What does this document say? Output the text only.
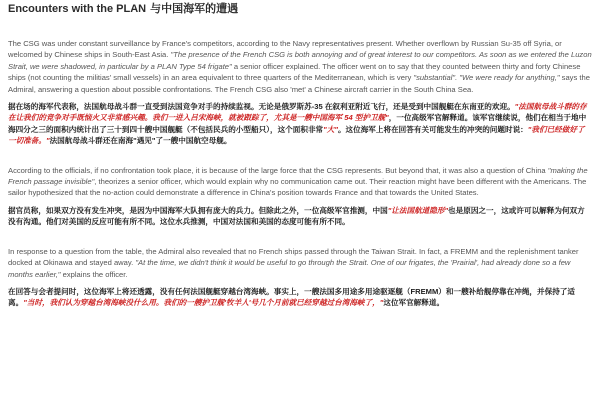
Encounters with the PLAN 与中国海军的遭遇

The CSG was under constant surveillance by France's competitors, according to the Navy representatives present. Whether overflown by Russian Su-35 off Syria, or welcomed by Chinese ships in South-East Asia. "The presence of the French CSG is both annoying and of great interest to our competitors. As soon as we entered the Luzon Strait, we were shadowed, in particular by a PLAN Type 54 frigate" a senior officer explained. The officer went on to say that they counted between thirty and forty Chinese ships (not counting the militias' small vessels) in an area equivalent to three quarters of the Mediterranean, which is very "substantial". "We were ready for anything," says the Admiral, answering a question about possible confrontations. The French CSG also 'met' a Chinese aircraft carrier in the South China Sea.

据在场的海军代表称，法国航母战斗群一直受到法国竞争对手的持续监视。无论是俄罗斯苏-35 在叙利亚附近飞行，还是受到中国舰艇在东南亚的欢迎。"法国航母战斗群的存在让我们的竞争对手既恼火又非常感兴趣。我们一进入吕宋海峡，就被跟踪了，尤其是一艘中国海军 54 型护卫舰"，一位高级军官解释道。该军官继续说，他们在相当于地中海四分之三的面积内统计出了三十到四十艘中国舰艇（不包括民兵的小型船只），这个面积非常"大"。这位海军上将在回答有关可能发生的冲突的问题时说："我们已经做好了一切准备。"法国航母战斗群还在南海"遇见"了一艘中国航空母舰。

According to the officials, if no confrontation took place, it is because of the large force that the CSG represents. But beyond that, it was also a question of China "making the French passage invisible", theorizes a senior officer, which would explain why no communication came out. Their reaction might have been different with the Americans. The sailor hypothesized that the no-action could demonstrate a difference in China's position towards France and that towards the United States.

据官员称，如果双方没有发生冲突，是因为中国海军大队拥有庞大的兵力。但除此之外，一位高级军官推测，中国"让法国航道隐形"也是原因之一，这或许可以解释为何双方没有沟通。他们对美国的反应可能有所不同。这位水兵推测，中国对法国和美国的态度可能有所不同。

In response to a question from the table, the Admiral also revealed that no French ships passed through the Taiwan Strait. In fact, a FREMM and the replenishment tanker docked at Okinawa and stayed away. "At the time, we didn't think it would be useful to go through the Strait. One of our frigates, the 'Prairial', had already done so a few months earlier," explains the officer.

在回答与会者提问时，这位海军上将还透露，没有任何法国舰艇穿越台湾海峡。事实上，一艘法国多用途多用途驱逐舰（FREMM）和一艘补给舰停靠在冲绳，并保持了适离。"当时，我们认为穿越台湾海峡没什么用。我们的一艘护卫舰'牧羊人'号几个月前就已经穿越过台湾海峡了，"这位军官解释道。
